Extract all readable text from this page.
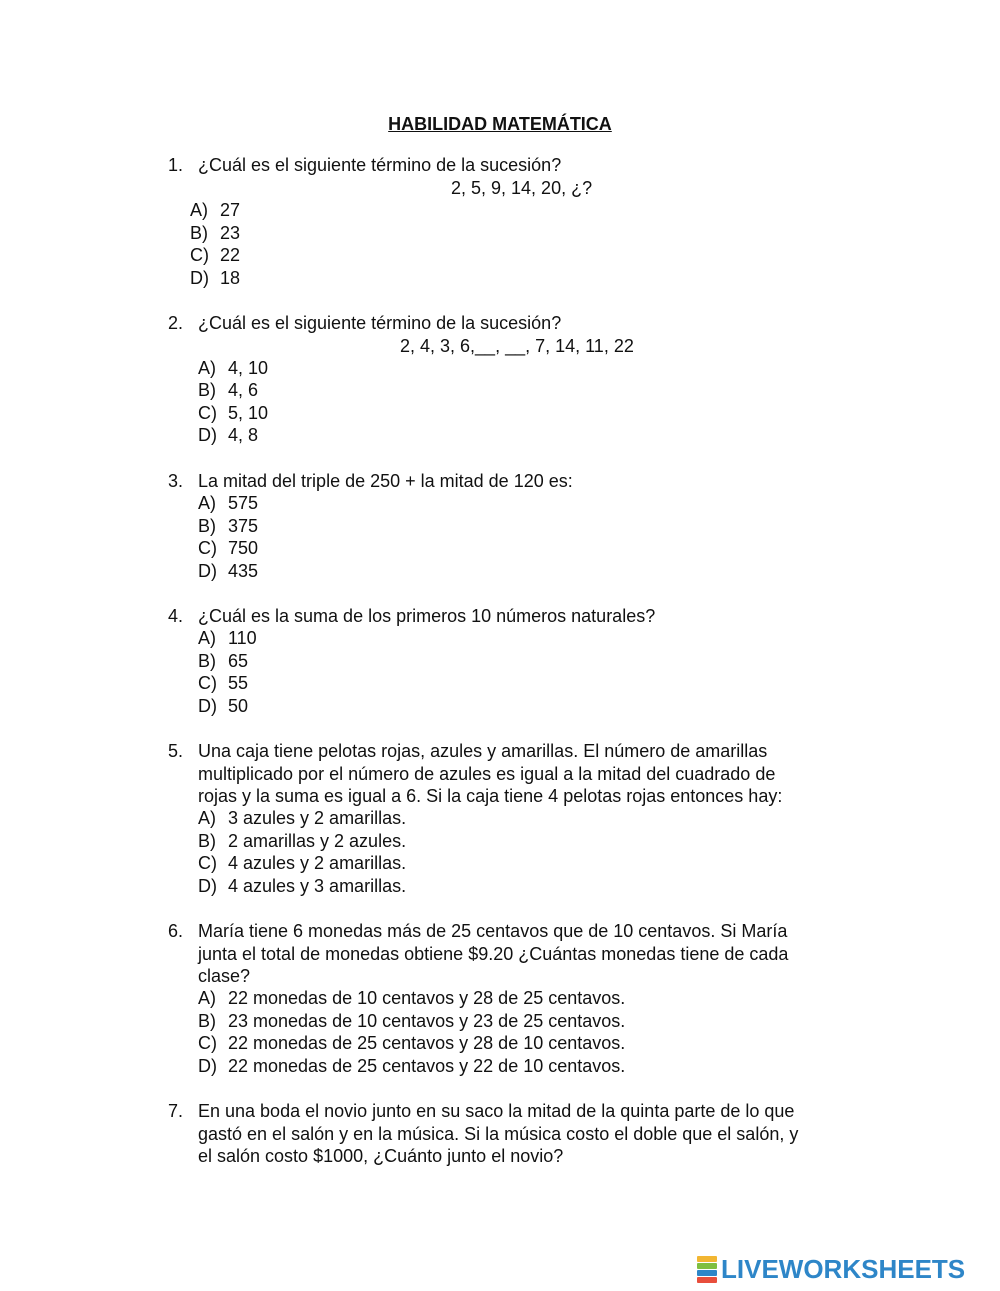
HABILIDAD MATEMÁTICA
1. ¿Cuál es el siguiente término de la sucesión?
2, 5, 9, 14, 20, ¿?
A) 27
B) 23
C) 22
D) 18
2. ¿Cuál es el siguiente término de la sucesión?
2, 4, 3, 6,__, __, 7, 14, 11, 22
A) 4, 10
B) 4, 6
C) 5, 10
D) 4, 8
3. La mitad del triple de 250 + la mitad de 120 es:
A) 575
B) 375
C) 750
D) 435
4. ¿Cuál es la suma de los primeros 10 números naturales?
A) 110
B) 65
C) 55
D) 50
5. Una caja tiene pelotas rojas, azules y amarillas. El número de amarillas
multiplicado por el número de azules es igual a la mitad del cuadrado de
rojas y la suma es igual a 6. Si la caja tiene 4 pelotas rojas entonces hay:
A) 3 azules y 2 amarillas.
B) 2 amarillas y 2 azules.
C) 4 azules y 2 amarillas.
D) 4 azules y 3 amarillas.
6. María tiene 6 monedas más de 25 centavos que de 10 centavos. Si María
junta el total de monedas obtiene $9.20 ¿Cuántas monedas tiene de cada
clase?
A) 22 monedas de 10 centavos y 28 de 25 centavos.
B) 23 monedas de 10 centavos y 23 de 25 centavos.
C) 22 monedas de 25 centavos y 28 de 10 centavos.
D) 22 monedas de 25 centavos y 22 de 10 centavos.
7. En una boda el novio junto en su saco la mitad de la quinta parte de lo que
gastó en el salón y en la música. Si la música costo el doble que el salón, y
el salón costo $1000, ¿Cuánto junto el novio?
LIVEWORKSHEETS
